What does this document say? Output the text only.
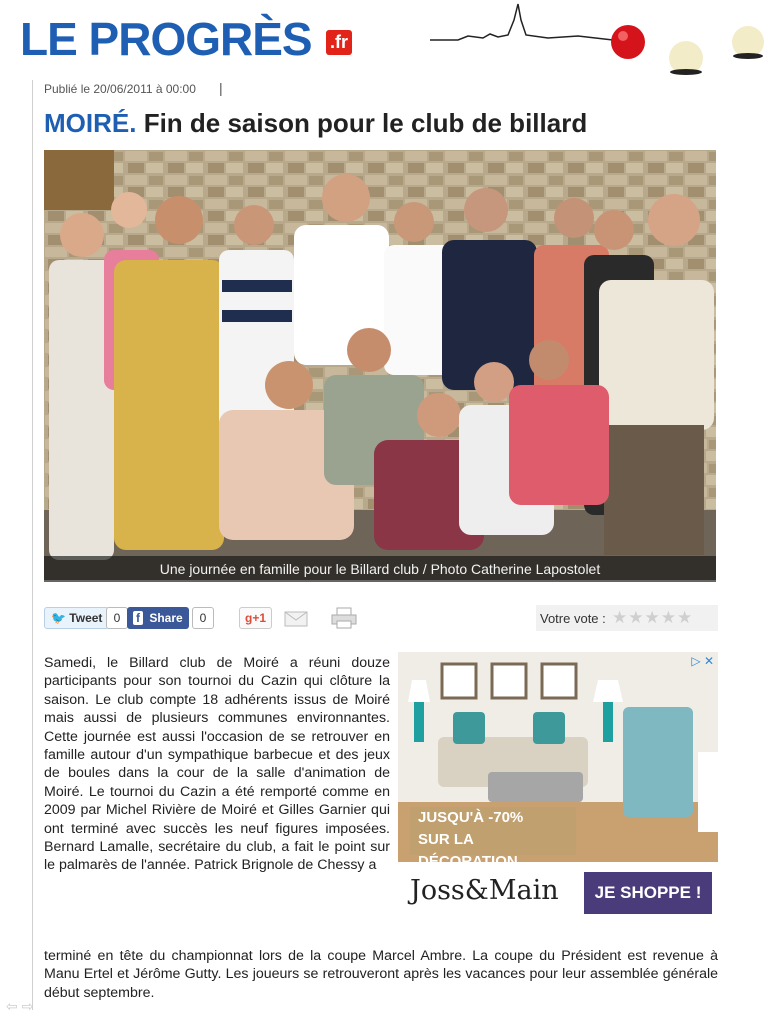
LE PROGRÈS .fr
Publié le 20/06/2011 à 00:00 |
MOIRÉ. Fin de saison pour le club de billard
Une journée en famille pour le Billard club / Photo Catherine Lapostolet
🐦 Tweet 0	f Share	0	g+1	Votre vote : ★★★★★
Samedi, le Billard club de Moiré a réuni douze participants pour son tournoi du Cazin qui clôture la saison. Le club compte 18 adhérents issus de Moiré mais aussi de plusieurs communes environnantes. Cette journée est aussi l'occasion de se retrouver en famille autour d'un sympathique barbecue et des jeux de boules dans la cour de la salle d'animation de Moiré. Le tournoi du Cazin a été remporté comme en 2009 par Michel Rivière de Moiré et Gilles Garnier qui ont terminé avec succès les neuf figures imposées. Bernard Lamalle, secrétaire du club, a fait le point sur le palmarès de l'année. Patrick Brignole de Chessy a
terminé en tête du championnat lors de la coupe Marcel Ambre. La coupe du Président est revenue à Manu Ertel et Jérôme Gutty. Les joueurs se retrouveront après les vacances pour leur assemblée générale début septembre.
JUSQU'À -70%
SUR LA DÉCORATION
Joss&Main	JE SHOPPE !
▷ ✕
⇦ ⇨
